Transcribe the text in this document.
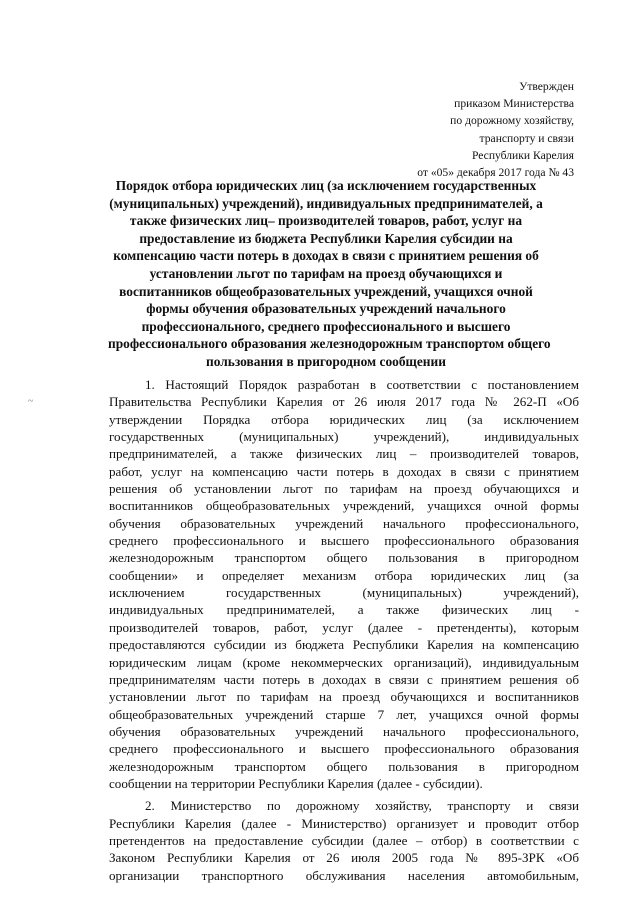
Утвержден
приказом Министерства
по дорожному хозяйству,
транспорту и связи
Республики Карелия
от «05» декабря 2017 года № 43
Порядок отбора юридических лиц (за исключением государственных
(муниципальных) учреждений), индивидуальных предпринимателей, а
также физических лиц– производителей товаров, работ, услуг на
предоставление из бюджета Республики Карелия субсидии на
компенсацию части потерь в доходах в связи с принятием решения об
установлении льгот по тарифам на проезд обучающихся и
воспитанников общеобразовательных учреждений, учащихся очной
формы обучения образовательных учреждений начального
профессионального, среднего профессионального и высшего
профессионального образования железнодорожным транспортом общего
пользования в пригородном сообщении
~
1. Настоящий Порядок разработан в соответствии с постановлением
Правительства Республики Карелия от 26 июля 2017 года № 262-П «Об
утверждении Порядка отбора юридических лиц (за исключением
государственных (муниципальных) учреждений), индивидуальных
предпринимателей, а также физических лиц – производителей товаров,
работ, услуг на компенсацию части потерь в доходах в связи с принятием
решения об установлении льгот по тарифам на проезд обучающихся и
воспитанников общеобразовательных учреждений, учащихся очной формы
обучения образовательных учреждений начального профессионального,
среднего профессионального и высшего профессионального образования
железнодорожным транспортом общего пользования в пригородном
сообщении» и определяет механизм отбора юридических лиц (за
исключением государственных (муниципальных) учреждений),
индивидуальных предпринимателей, а также физических лиц -
производителей товаров, работ, услуг (далее - претенденты), которым
предоставляются субсидии из бюджета Республики Карелия на компенсацию
юридическим лицам (кроме некоммерческих организаций), индивидуальным
предпринимателям части потерь в доходах в связи с принятием решения об
установлении льгот по тарифам на проезд обучающихся и воспитанников
общеобразовательных учреждений старше 7 лет, учащихся очной формы
обучения образовательных учреждений начального профессионального,
среднего профессионального и высшего профессионального образования
железнодорожным транспортом общего пользования в пригородном
сообщении на территории Республики Карелия (далее - субсидии).
2. Министерство по дорожному хозяйству, транспорту и связи
Республики Карелия (далее - Министерство) организует и проводит отбор
претендентов на предоставление субсидии (далее – отбор) в соответствии с
Законом Республики Карелия от 26 июля 2005 года № 895-ЗРК «Об
организации транспортного обслуживания населения автомобильным,
